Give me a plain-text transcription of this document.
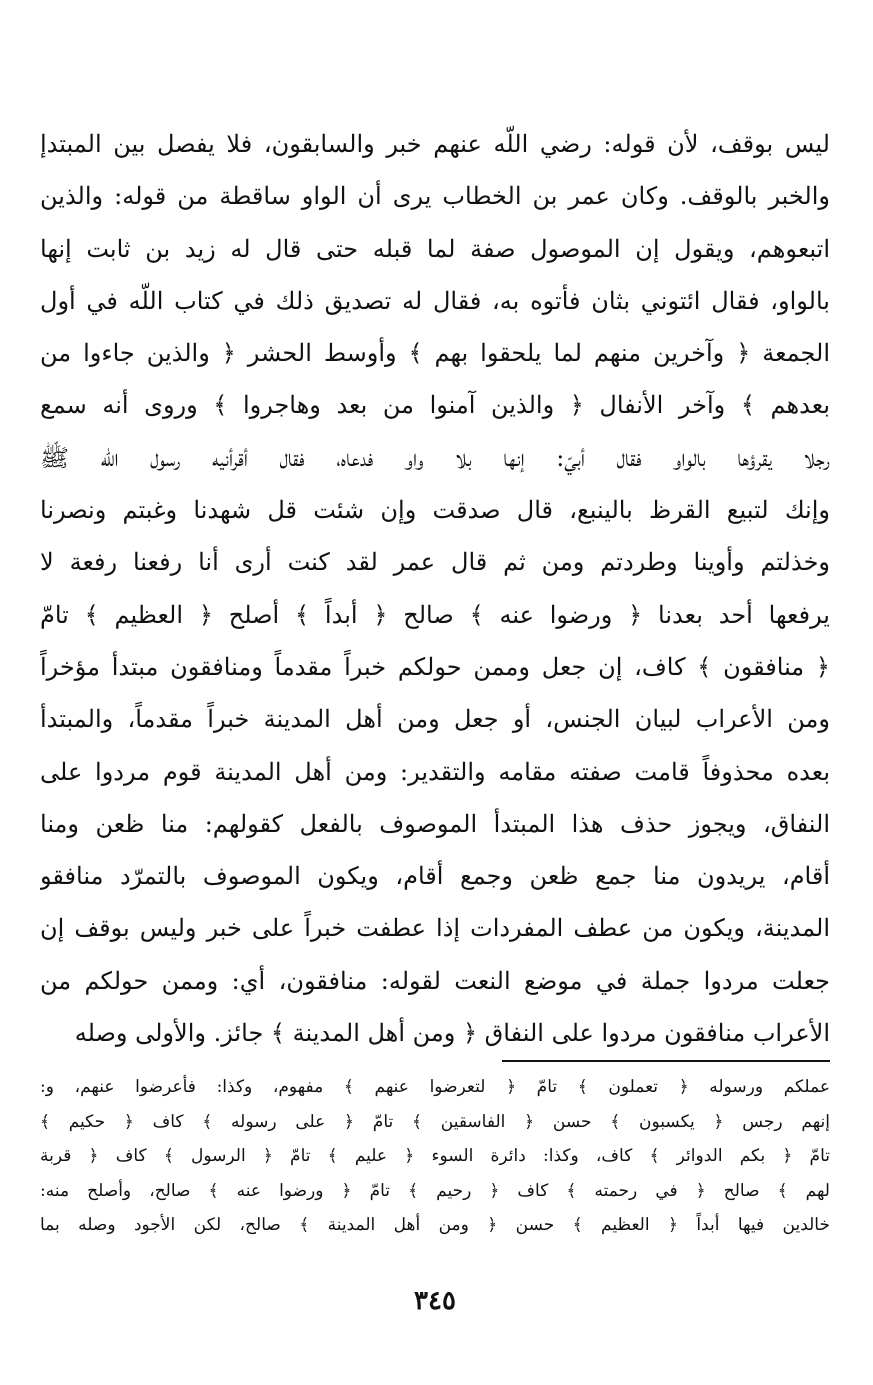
ليس بوقف، لأن قوله: رضي اللّه عنهم خبر والسابقون، فلا يفصل بين المبتدإ
والخبر بالوقف. وكان عمر بن الخطاب يرى أن الواو ساقطة من قوله: والذين
اتبعوهم، ويقول إن الموصول صفة لما قبله حتى قال له زيد بن ثابت إنها
بالواو، فقال ائتوني بثان فأتوه به، فقال له تصديق ذلك في كتاب اللّه في أول
الجمعة ﴿ وآخرين منهم لما يلحقوا بهم ﴾ وأوسط الحشر ﴿ والذين جاءوا من
بعدهم ﴾ وآخر الأنفال ﴿ والذين آمنوا من بعد وهاجروا ﴾ وروى أنه سمع
رجلا يقرؤها بالواو فقال أبيّ: إنها بلا واو فدعاه، فقال أقرأنيه رسول اللّه ﷺ
وإنك لتبيع القرظ بالينبع، قال صدقت وإن شئت قل شهدنا وغبتم ونصرنا
وخذلتم وأوينا وطردتم ومن ثم قال عمر لقد كنت أرى أنا رفعنا رفعة لا
يرفعها أحد بعدنا ﴿ ورضوا عنه ﴾ صالح ﴿ أبداً ﴾ أصلح ﴿ العظيم ﴾ تامّ
﴿ منافقون ﴾ كاف، إن جعل وممن حولكم خبراً مقدماً ومنافقون مبتدأ مؤخراً
ومن الأعراب لبيان الجنس، أو جعل ومن أهل المدينة خبراً مقدماً، والمبتدأ
بعده محذوفاً قامت صفته مقامه والتقدير: ومن أهل المدينة قوم مردوا على
النفاق، ويجوز حذف هذا المبتدأ الموصوف بالفعل كقولهم: منا ظعن ومنا
أقام، يريدون منا جمع ظعن وجمع أقام، ويكون الموصوف بالتمرّد منافقو
المدينة، ويكون من عطف المفردات إذا عطفت خبراً على خبر وليس بوقف إن
جعلت مردوا جملة في موضع النعت لقوله: منافقون، أي: وممن حولكم من
الأعراب منافقون مردوا على النفاق ﴿ ومن أهل المدينة ﴾ جائز. والأولى وصله
عملكم ورسوله ﴿ تعملون ﴾ تامّ ﴿ لتعرضوا عنهم ﴾ مفهوم، وكذا: فأعرضوا عنهم، و:
إنهم رجس ﴿ يكسبون ﴾ حسن ﴿ الفاسقين ﴾ تامّ ﴿ على رسوله ﴾ كاف ﴿ حكيم ﴾
تامّ ﴿ بكم الدوائر ﴾ كاف، وكذا: دائرة السوء ﴿ عليم ﴾ تامّ ﴿ الرسول ﴾ كاف ﴿ قربة
لهم ﴾ صالح ﴿ في رحمته ﴾ كاف ﴿ رحيم ﴾ تامّ ﴿ ورضوا عنه ﴾ صالح، وأصلح منه:
خالدين فيها أبداً ﴿ العظيم ﴾ حسن ﴿ ومن أهل المدينة ﴾ صالح، لكن الأجود وصله بما
٣٤٥
